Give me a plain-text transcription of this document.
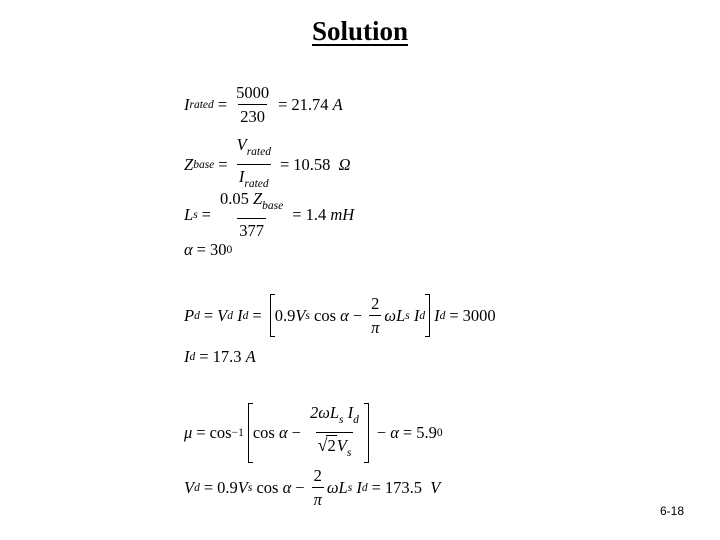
Solution
I rated = $\frac{5000}{230} = 21.74$
A
Z base = $\frac{V_{rated}}{I_{rated}} = 10.58$
Ω
L $s = \frac{0.05 Z_{base}}{377} = 1.4$
mH
α = 30 0
P d = V d
I d = 0.9 V s
cos
$\alpha - \frac{2}{\pi}$ ω L s
I d I d = 3000
I d = 17.3
A
μ = cos −1 cos
$\alpha - \frac{2\omega L_s I_d}{√ 2 V_s} - \alpha = 5.9$ 0
V d = 0.9 V s
cos
$\alpha - \frac{2}{\pi}$ ωL s
I d = 173.5
V
6-18
